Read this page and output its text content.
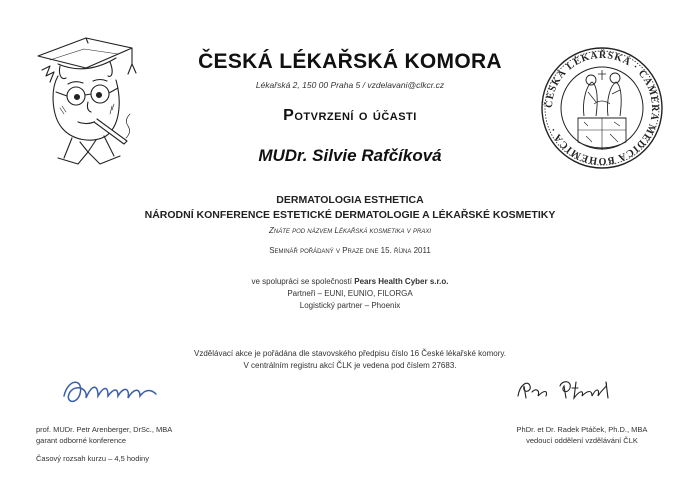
ČESKÁ LÉKAŘSKÁ · CAMERA MEDICA BOHEMICA ·
ČESKÁ LÉKAŘSKÁ KOMORA
Lékařská 2, 150 00 Praha 5 / vzdelavani@clkcr.cz
Potvrzení o účasti
MUDr. Silvie Rafčíková
DERMATOLOGIA ESTHETICA
NÁRODNÍ KONFERENCE ESTETICKÉ DERMATOLOGIE A LÉKAŘSKÉ KOSMETIKY
Znáte pod názvem Lékařská kosmetika v praxi
Seminář pořádaný v Praze dne 15. října 2011
ve spolupráci se společností Pears Health Cyber s.r.o.
Partneři – EUNI, EUNIO, FILORGA
Logistický partner – Phoenix
Vzdělávací akce je pořádána dle stavovského předpisu číslo 16 České lékařské komory.
V centrálním registru akcí ČLK je vedena pod číslem 27683.
prof. MUDr. Petr Arenberger, DrSc., MBA
garant odborné konference
PhDr. et Dr. Radek Ptáček, Ph.D., MBA
vedoucí oddělení vzdělávání ČLK
Časový rozsah kurzu – 4,5 hodiny
